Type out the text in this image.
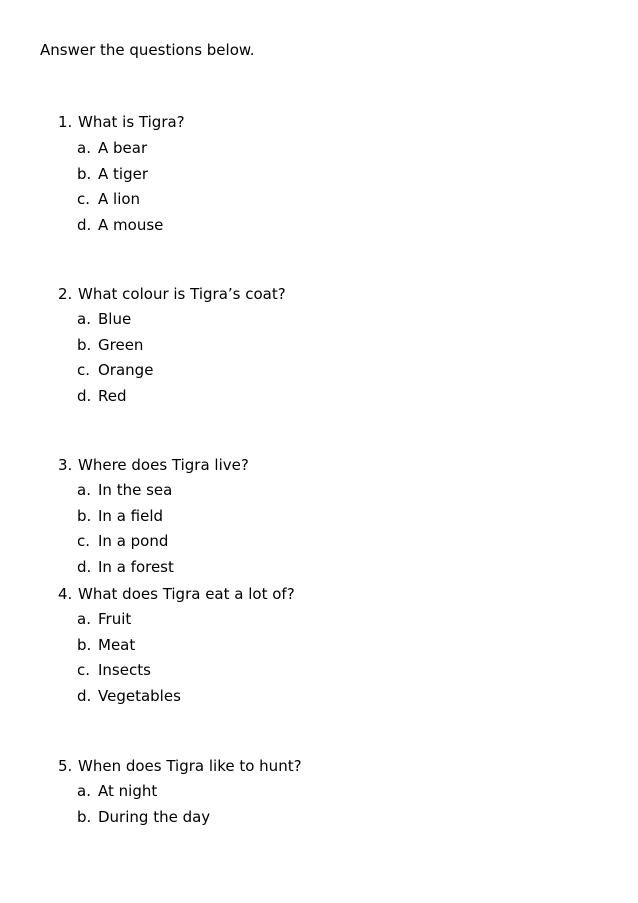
Answer the questions below.
1. What is Tigra?
a. A bear
b. A tiger
c. A lion
d. A mouse
2. What colour is Tigra’s coat?
a. Blue
b. Green
c. Orange
d. Red
3. Where does Tigra live?
a. In the sea
b. In a field
c. In a pond
d. In a forest
4. What does Tigra eat a lot of?
a. Fruit
b. Meat
c. Insects
d. Vegetables
5. When does Tigra like to hunt?
a. At night
b. During the day
